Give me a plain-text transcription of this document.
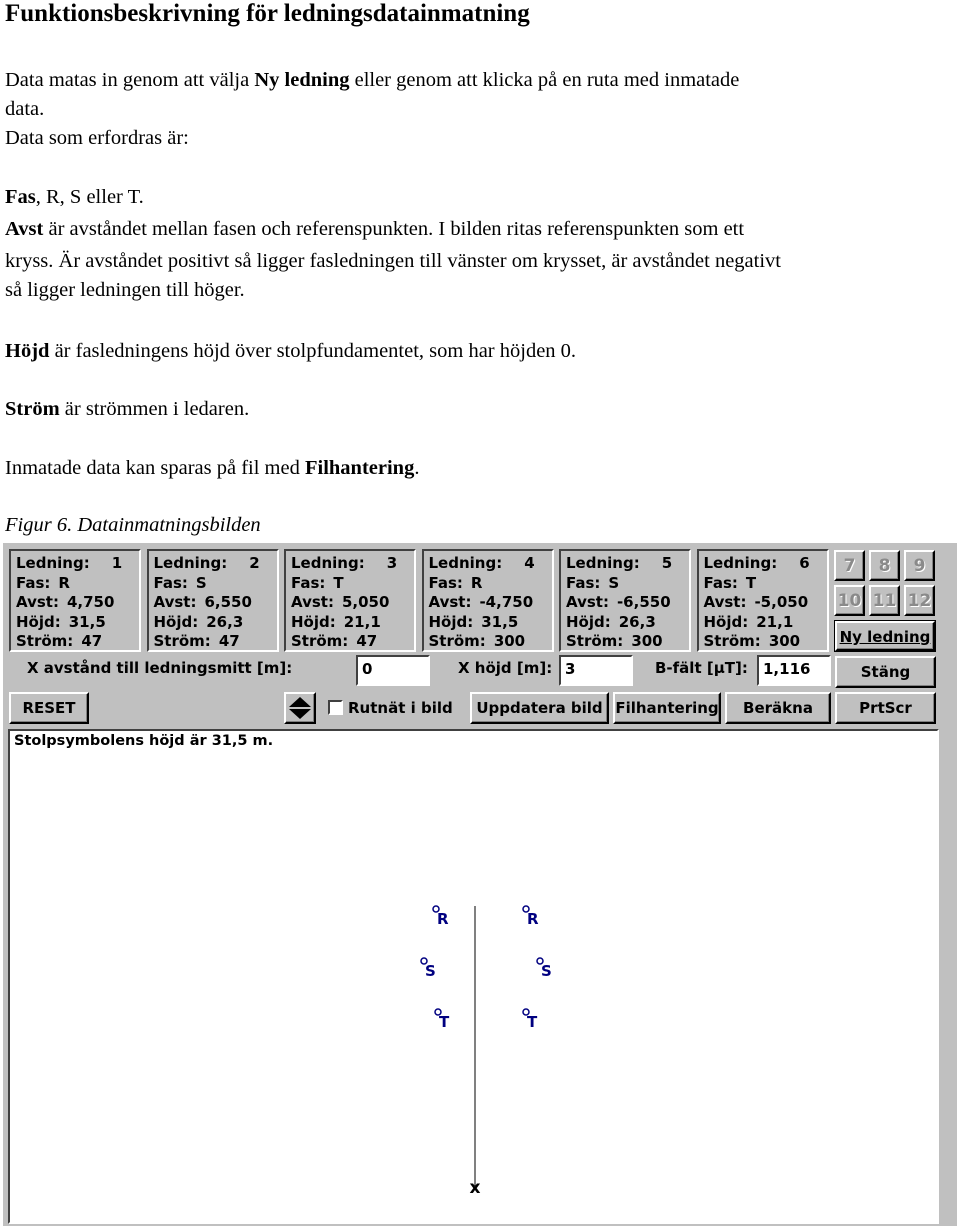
Funktionsbeskrivning för ledningsdatainmatning
Data matas in genom att välja Ny ledning eller genom att klicka på en ruta med inmatade
data.
Data som erfordras är:
Fas, R, S eller T.
Avst är avståndet mellan fasen och referenspunkten. I bilden ritas referenspunkten som ett
kryss. Är avståndet positivt så ligger fasledningen till vänster om krysset, är avståndet negativt
så ligger ledningen till höger.
Höjd är fasledningens höjd över stolpfundamentet, som har höjden 0.
Ström är strömmen i ledaren.
Inmatade data kan sparas på fil med Filhantering.
Figur 6. Datainmatningsbilden
Ledning: 1
Fas: R
Avst: 4,750
Höjd: 31,5
Ström: 47
Ledning: 2
Fas: S
Avst: 6,550
Höjd: 26,3
Ström: 47
Ledning: 3
Fas: T
Avst: 5,050
Höjd: 21,1
Ström: 47
Ledning: 4
Fas: R
Avst: -4,750
Höjd: 31,5
Ström: 300
Ledning: 5
Fas: S
Avst: -6,550
Höjd: 26,3
Ström: 300
Ledning: 6
Fas: T
Avst: -5,050
Höjd: 21,1
Ström: 300
7	8	9
10 11 12
Ny ledning
X avstånd till ledningsmitt [m]:	0	X höjd [m]: 3	B-fält [µT]:	1,116	Stäng
RESET	Rutnät i bild	Uppdatera bild Filhantering	Beräkna	PrtScr
Stolpsymbolens höjd är 31,5 m.
x
R
S
T
R
S
T
